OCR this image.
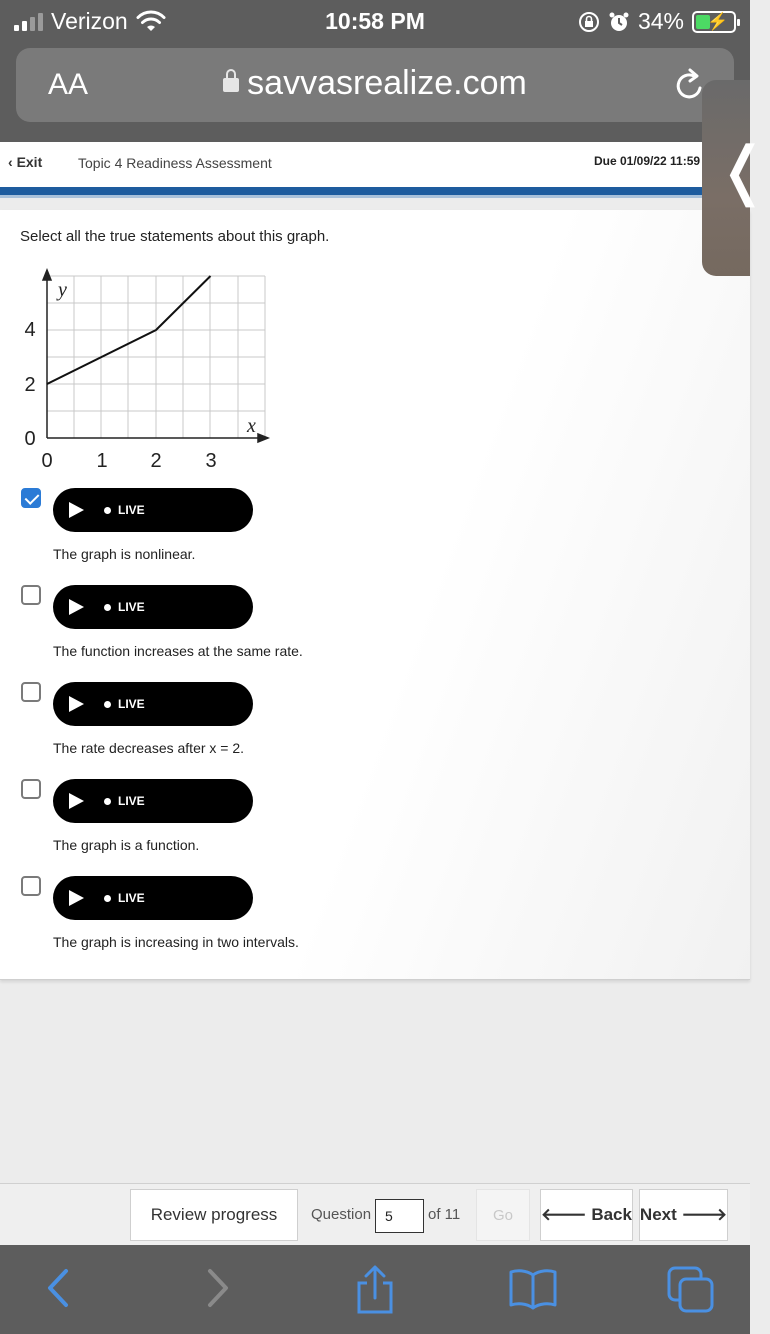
Verizon	10:58 PM	34% ⚡
AA	savvasrealize.com
‹ Exit	Topic 4 Readiness Assessment	Due 01/09/22 11:59
Select all the true statements about this graph.
y
x
4
2
0
0 1 2 3
LIVE
The graph is nonlinear.
LIVE
The function increases at the same rate.
LIVE
The rate decreases after x = 2.
LIVE
The graph is a function.
LIVE
The graph is increasing in two intervals.
❬
Review progress	Question 5	of 11	Go	🡐 Back Next 🡒
